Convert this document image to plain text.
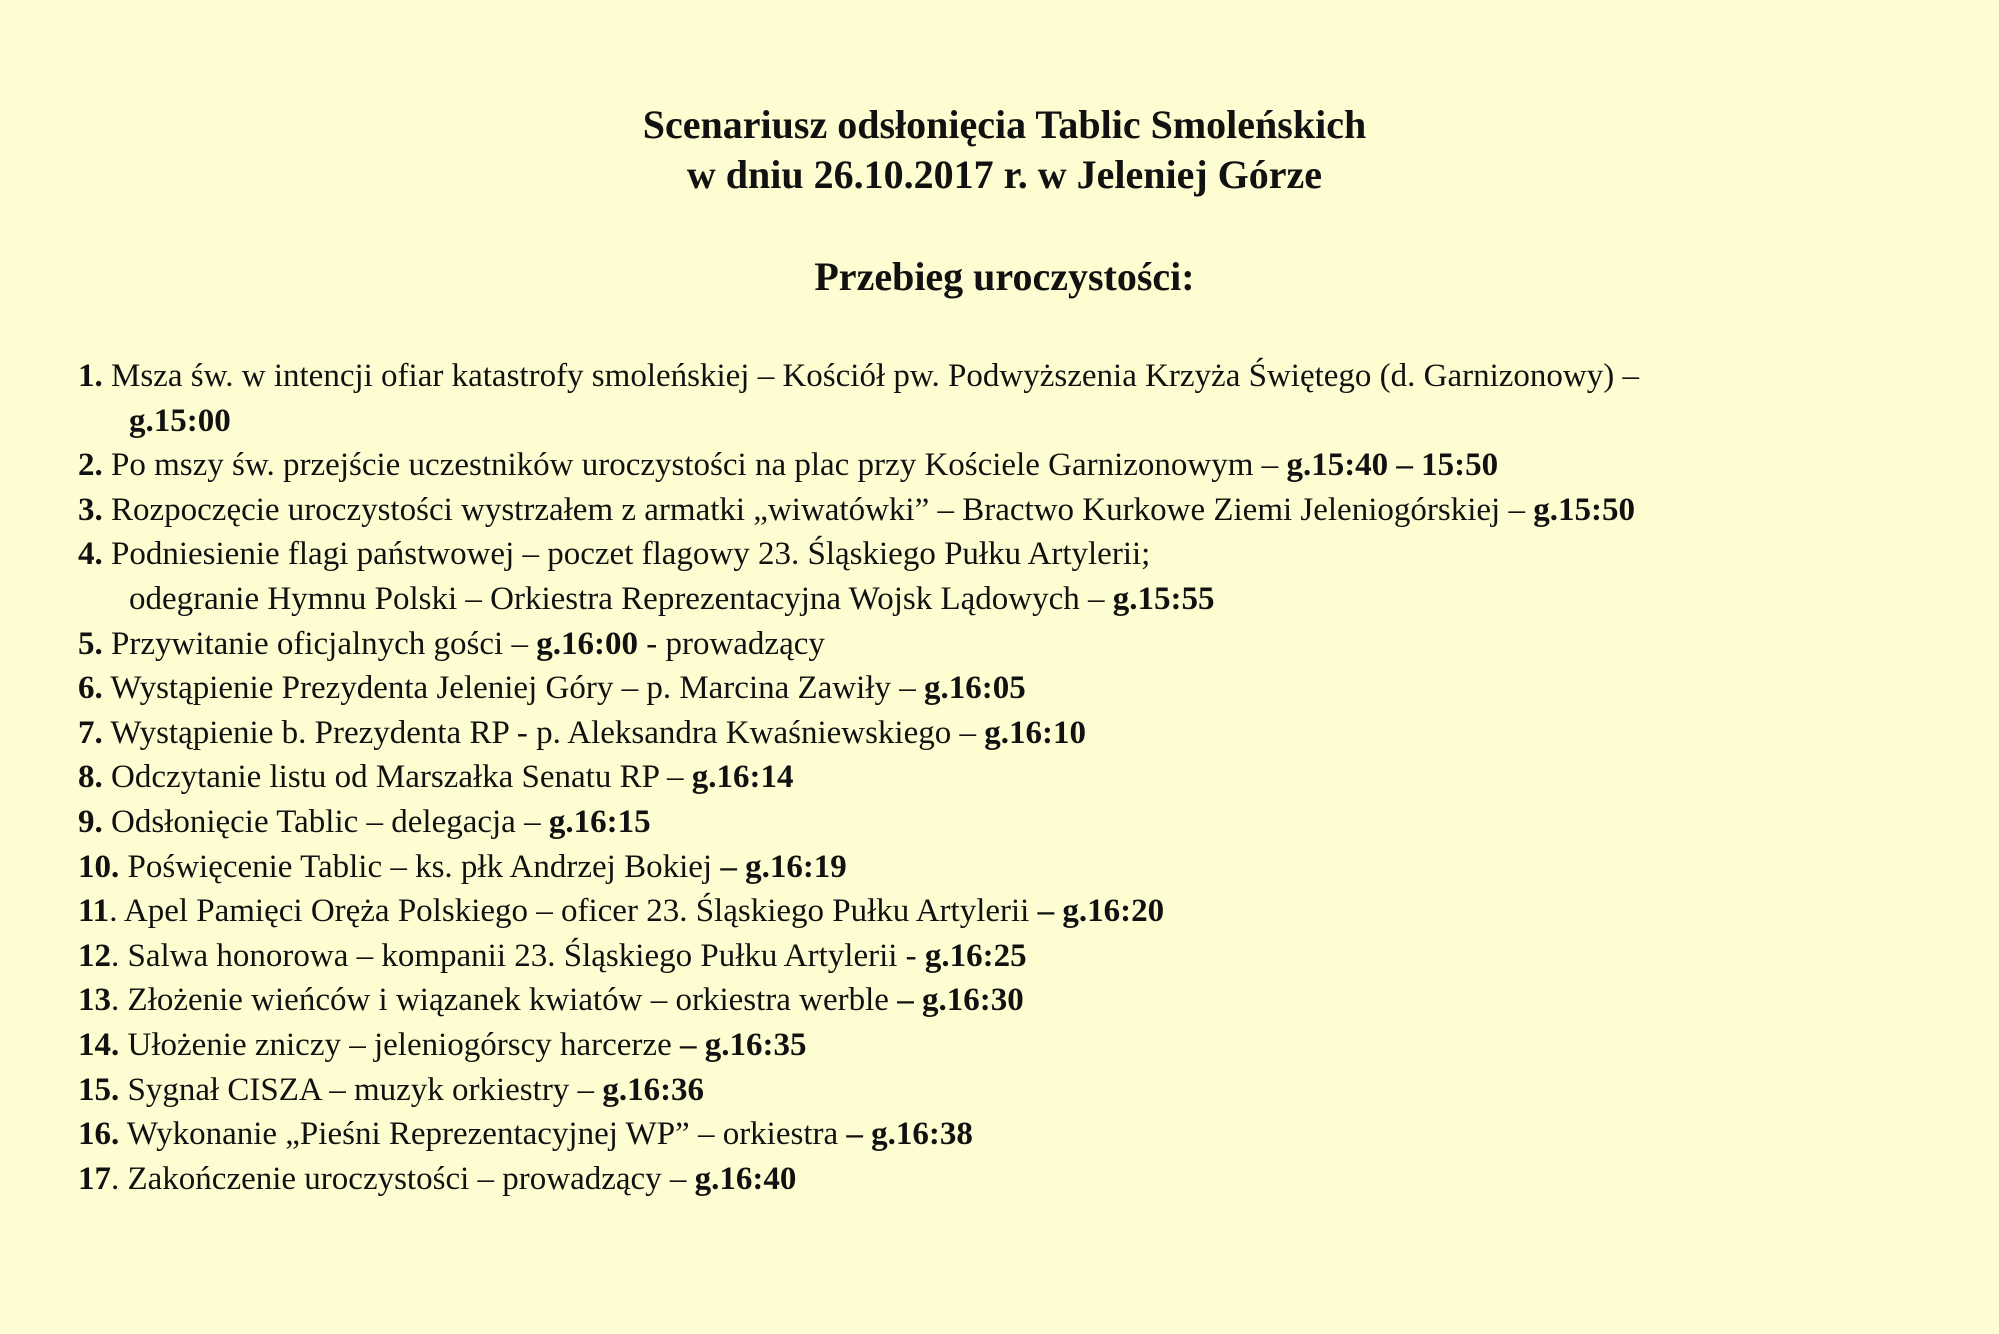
Scenariusz odsłonięcia Tablic Smoleńskich
w dniu 26.10.2017 r. w Jeleniej Górze
Przebieg uroczystości:
1. Msza św. w intencji ofiar katastrofy smoleńskiej – Kościół pw. Podwyższenia Krzyża Świętego (d. Garnizonowy) –
g.15:00
2. Po mszy św. przejście uczestników uroczystości na plac przy Kościele Garnizonowym – g.15:40 – 15:50
3. Rozpoczęcie uroczystości wystrzałem z armatki „wiwatówki” – Bractwo Kurkowe Ziemi Jeleniogórskiej – g.15:50
4. Podniesienie flagi państwowej – poczet flagowy 23. Śląskiego Pułku Artylerii;
odegranie Hymnu Polski – Orkiestra Reprezentacyjna Wojsk Lądowych – g.15:55
5. Przywitanie oficjalnych gości – g.16:00 - prowadzący
6. Wystąpienie Prezydenta Jeleniej Góry – p. Marcina Zawiły – g.16:05
7. Wystąpienie b. Prezydenta RP - p. Aleksandra Kwaśniewskiego – g.16:10
8. Odczytanie listu od Marszałka Senatu RP – g.16:14
9. Odsłonięcie Tablic – delegacja – g.16:15
10. Poświęcenie Tablic – ks. płk Andrzej Bokiej – g.16:19
11. Apel Pamięci Oręża Polskiego – oficer 23. Śląskiego Pułku Artylerii – g.16:20
12. Salwa honorowa – kompanii 23. Śląskiego Pułku Artylerii - g.16:25
13. Złożenie wieńców i wiązanek kwiatów – orkiestra werble – g.16:30
14. Ułożenie zniczy – jeleniogórscy harcerze – g.16:35
15. Sygnał CISZA – muzyk orkiestry – g.16:36
16. Wykonanie „Pieśni Reprezentacyjnej WP” – orkiestra – g.16:38
17. Zakończenie uroczystości – prowadzący – g.16:40
